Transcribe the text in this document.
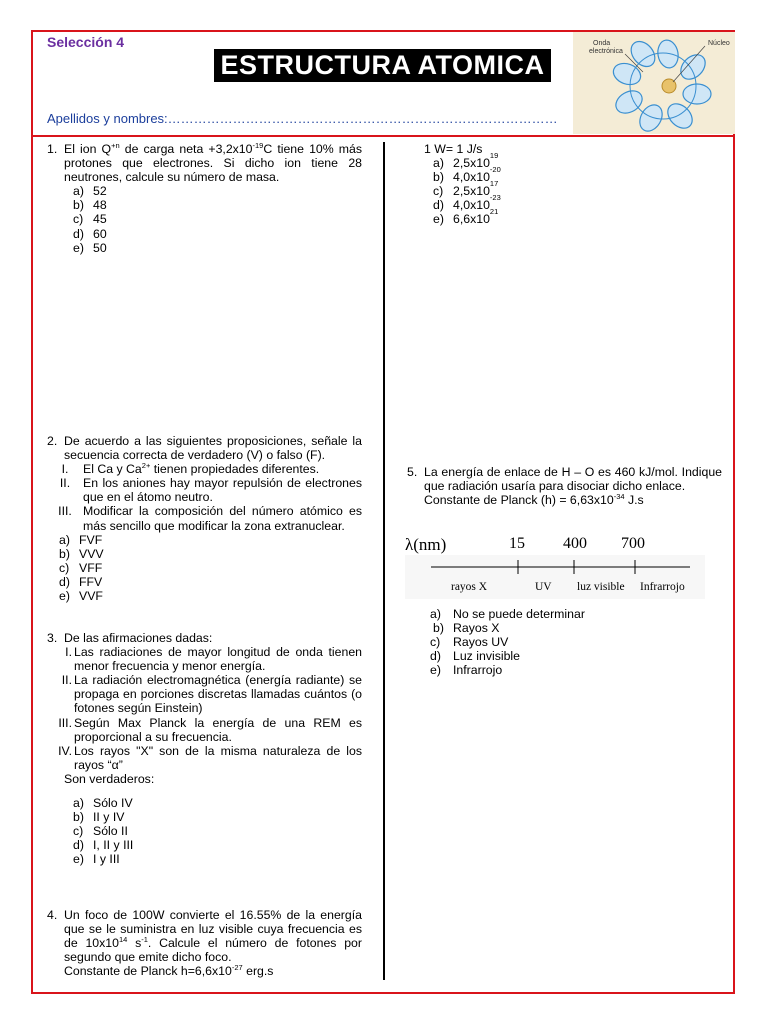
Selección 4
ESTRUCTURA ATOMICA
Apellidos y nombres:………………………………………………………………………………
Onda
electrónica
Núcleo
1. El ion $Q^{+n}$ de carga neta $+3,2x10^{-19}C$ tiene 10% más protones que electrones. Si dicho ion tiene 28 neutrones, calcule su número de masa.
a) 52
b) 48
c) 45
d) 60
e) 50
2. De acuerdo a las siguientes proposiciones, señale la secuencia correcta de verdadero (V) o falso (F).
I.	El Ca y $Ca^{2+}$ tienen propiedades diferentes.
II.	En los aniones hay mayor repulsión de electrones que en el átomo neutro.
III. Modificar la composición del número atómico es más sencillo que modificar la zona extranuclear.
a) FVF
b) VVV
c) VFF
d) FFV
e) VVF
3. De las afirmaciones dadas:
I. Las radiaciones de mayor longitud de onda tienen menor frecuencia y menor energía.
II. La radiación electromagnética (energía radiante) se propaga en porciones discretas llamadas cuántos (o fotones según Einstein)
III. Según Max Planck la energía de una REM es proporcional a su frecuencia.
IV. Los rayos "X" son de la misma naturaleza de los rayos “α”
Son verdaderos:
a) Sólo IV
b) II y IV
c) Sólo II
d) I, II y III
e) I y III
4. Un foco de 100W convierte el 16.55% de la energía que se le suministra en luz visible cuya frecuencia es de $10x10^{14}$ $s^{-1}$. Calcule el número de fotones por segundo que emite dicho foco.
Constante de Planck $h=6,6x10^{-27}$ erg.s
1 W= 1 J/s
a) 2,5x10
19
b) 4,0x10
-20
c) 2,5x10
17
d) 4,0x10
-23
e) 6,6x10
21
5. La energía de enlace de H – O es 460 kJ/mol. Indique que radiación usaría para disociar dicho enlace.
Constante de Planck $(h) = 6,63x10^{-34}$ J.s
λ(nm)	15 400 700
rayos X	UV luz visible Infrarrojo
a) No se puede determinar
b) Rayos X
c)	Rayos UV
d) Luz invisible
e) Infrarrojo
